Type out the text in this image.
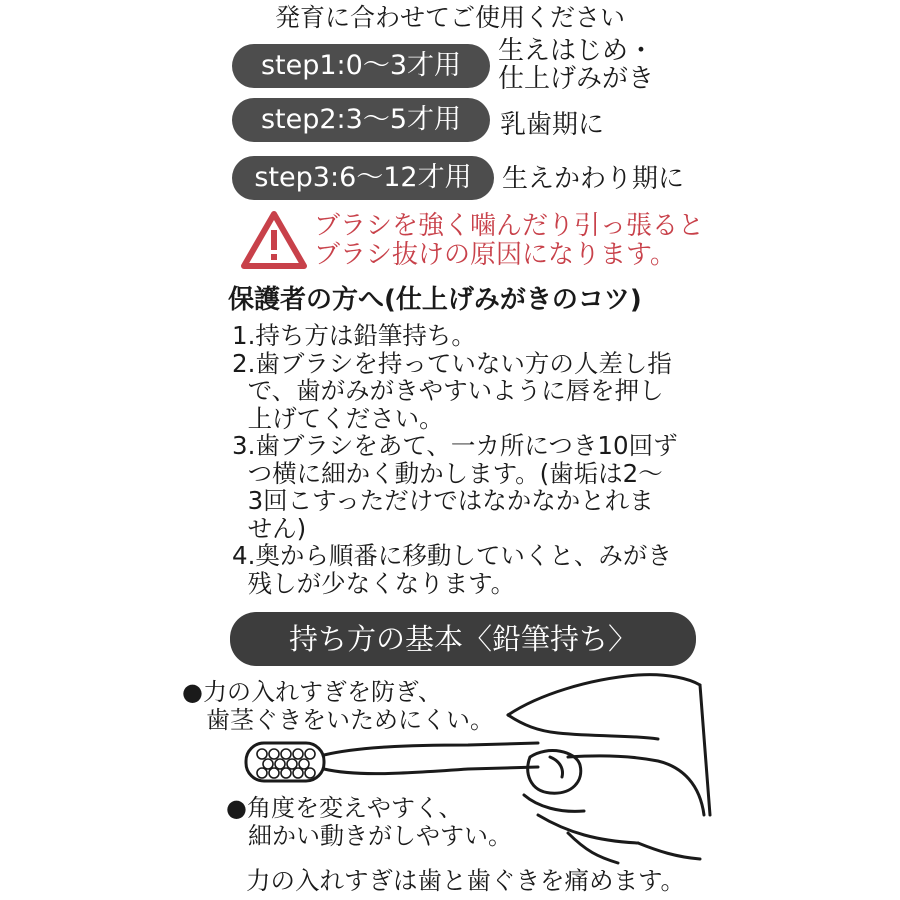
発育に合わせてご使用ください
step1:0〜3才用	生えはじめ・
仕上げみがき
step2:3〜5才用	乳歯期に
step3:6〜12才用	生えかわり期に
ブラシを強く噛んだり引っ張ると
ブラシ抜けの原因になります。
保護者の方へ(仕上げみがきのコツ)
1.持ち方は鉛筆持ち。
2.歯ブラシを持っていない方の人差し指
で、歯がみがきやすいように唇を押し
上げてください。
3.歯ブラシをあて、一カ所につき10回ず
つ横に細かく動かします。(歯垢は2〜
3回こすっただけではなかなかとれま
せん)
4.奥から順番に移動していくと、みがき
残しが少なくなります。
持ち方の基本〈鉛筆持ち〉
●力の入れすぎを防ぎ、
歯茎ぐきをいためにくい。
●角度を変えやすく、
細かい動きがしやすい。
力の入れすぎは歯と歯ぐきを痛めます。
